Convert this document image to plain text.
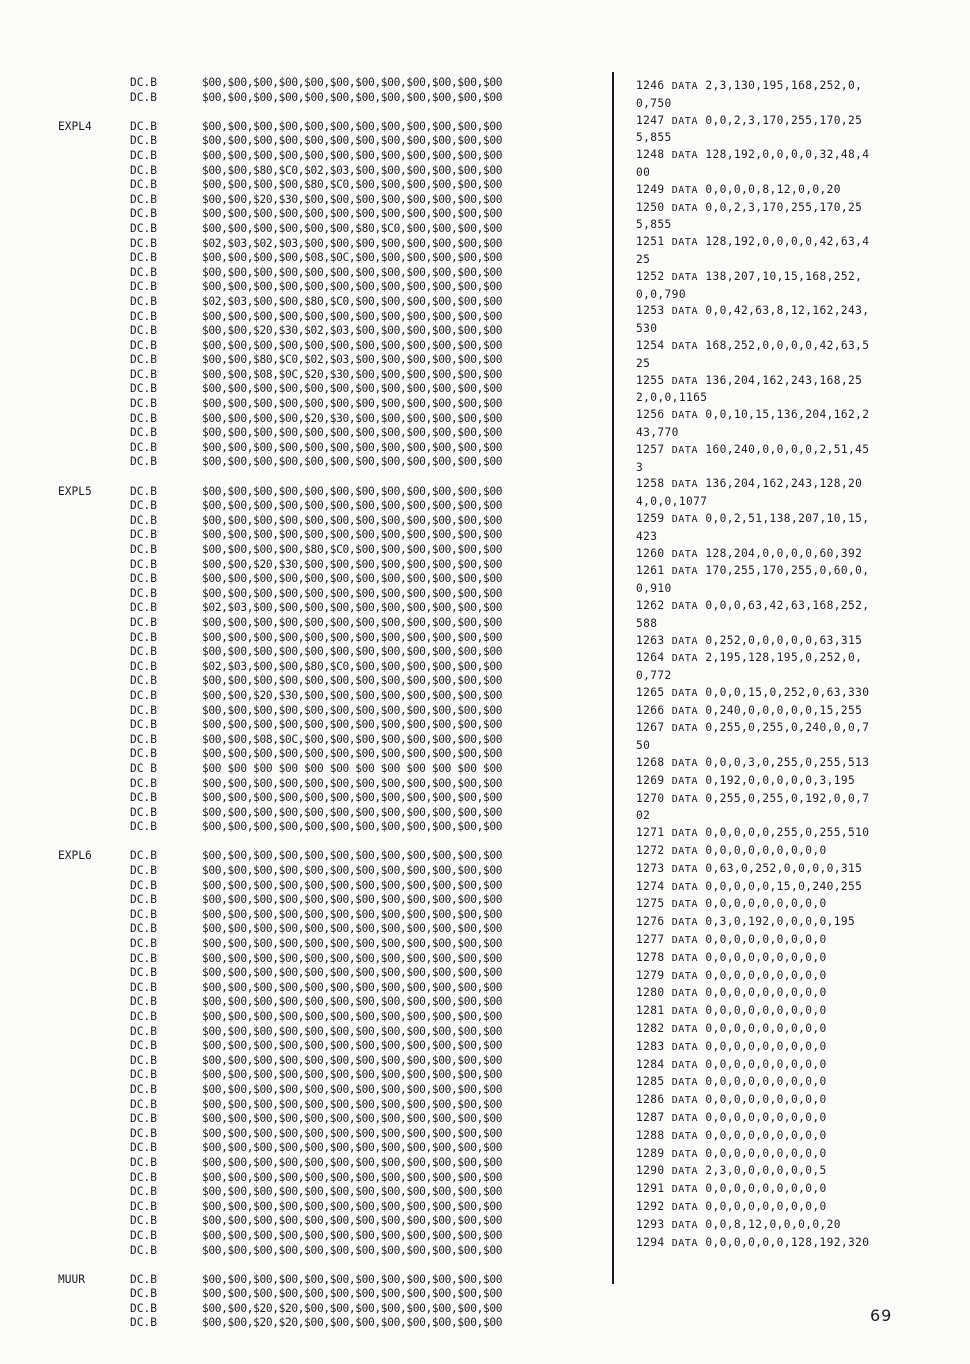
DC.B	$00,$00,$00,$00,$00,$00,$00,$00,$00,$00,$00,$00
DC.B	$00,$00,$00,$00,$00,$00,$00,$00,$00,$00,$00,$00
EXPL4	DC.B	$00,$00,$00,$00,$00,$00,$00,$00,$00,$00,$00,$00
DC.B	$00,$00,$00,$00,$00,$00,$00,$00,$00,$00,$00,$00
DC.B	$00,$00,$00,$00,$00,$00,$00,$00,$00,$00,$00,$00
DC.B	$00,$00,$80,$C0,$02,$03,$00,$00,$00,$00,$00,$00
DC.B	$00,$00,$00,$00,$80,$C0,$00,$00,$00,$00,$00,$00
DC.B	$00,$00,$20,$30,$00,$00,$00,$00,$00,$00,$00,$00
DC.B	$00,$00,$00,$00,$00,$00,$00,$00,$00,$00,$00,$00
DC.B	$00,$00,$00,$00,$00,$00,$80,$C0,$00,$00,$00,$00
DC.B	$02,$03,$02,$03,$00,$00,$00,$00,$00,$00,$00,$00
DC.B	$00,$00,$00,$00,$08,$0C,$00,$00,$00,$00,$00,$00
DC.B	$00,$00,$00,$00,$00,$00,$00,$00,$00,$00,$00,$00
DC.B	$00,$00,$00,$00,$00,$00,$00,$00,$00,$00,$00,$00
DC.B	$02,$03,$00,$00,$80,$C0,$00,$00,$00,$00,$00,$00
DC.B	$00,$00,$00,$00,$00,$00,$00,$00,$00,$00,$00,$00
DC.B	$00,$00,$20,$30,$02,$03,$00,$00,$00,$00,$00,$00
DC.B	$00,$00,$00,$00,$00,$00,$00,$00,$00,$00,$00,$00
DC.B	$00,$00,$80,$C0,$02,$03,$00,$00,$00,$00,$00,$00
DC.B	$00,$00,$08,$0C,$20,$30,$00,$00,$00,$00,$00,$00
DC.B	$00,$00,$00,$00,$00,$00,$00,$00,$00,$00,$00,$00
DC.B	$00,$00,$00,$00,$00,$00,$00,$00,$00,$00,$00,$00
DC.B	$00,$00,$00,$00,$20,$30,$00,$00,$00,$00,$00,$00
DC.B	$00,$00,$00,$00,$00,$00,$00,$00,$00,$00,$00,$00
DC.B	$00,$00,$00,$00,$00,$00,$00,$00,$00,$00,$00,$00
DC.B	$00,$00,$00,$00,$00,$00,$00,$00,$00,$00,$00,$00
EXPL5	DC.B	$00,$00,$00,$00,$00,$00,$00,$00,$00,$00,$00,$00
DC.B	$00,$00,$00,$00,$00,$00,$00,$00,$00,$00,$00,$00
DC.B	$00,$00,$00,$00,$00,$00,$00,$00,$00,$00,$00,$00
DC.B	$00,$00,$00,$00,$00,$00,$00,$00,$00,$00,$00,$00
DC.B	$00,$00,$00,$00,$80,$C0,$00,$00,$00,$00,$00,$00
DC.B	$00,$00,$20,$30,$00,$00,$00,$00,$00,$00,$00,$00
DC.B	$00,$00,$00,$00,$00,$00,$00,$00,$00,$00,$00,$00
DC.B	$00,$00,$00,$00,$00,$00,$00,$00,$00,$00,$00,$00
DC.B	$02,$03,$00,$00,$00,$00,$00,$00,$00,$00,$00,$00
DC.B	$00,$00,$00,$00,$00,$00,$00,$00,$00,$00,$00,$00
DC.B	$00,$00,$00,$00,$00,$00,$00,$00,$00,$00,$00,$00
DC.B	$00,$00,$00,$00,$00,$00,$00,$00,$00,$00,$00,$00
DC.B	$02,$03,$00,$00,$80,$C0,$00,$00,$00,$00,$00,$00
DC.B	$00,$00,$00,$00,$00,$00,$00,$00,$00,$00,$00,$00
DC.B	$00,$00,$20,$30,$00,$00,$00,$00,$00,$00,$00,$00
DC.B	$00,$00,$00,$00,$00,$00,$00,$00,$00,$00,$00,$00
DC.B	$00,$00,$00,$00,$00,$00,$00,$00,$00,$00,$00,$00
DC.B	$00,$00,$08,$0C,$00,$00,$00,$00,$00,$00,$00,$00
DC.B	$00,$00,$00,$00,$00,$00,$00,$00,$00,$00,$00,$00
DC B	$00 $00 $00 $00 $00 $00 $00 $00 $00 $00 $00 $00
DC.B	$00,$00,$00,$00,$00,$00,$00,$00,$00,$00,$00,$00
DC.B	$00,$00,$00,$00,$00,$00,$00,$00,$00,$00,$00,$00
DC.B	$00,$00,$00,$00,$00,$00,$00,$00,$00,$00,$00,$00
DC.B	$00,$00,$00,$00,$00,$00,$00,$00,$00,$00,$00,$00
EXPL6	DC.B	$00,$00,$00,$00,$00,$00,$00,$00,$00,$00,$00,$00
DC.B	$00,$00,$00,$00,$00,$00,$00,$00,$00,$00,$00,$00
DC.B	$00,$00,$00,$00,$00,$00,$00,$00,$00,$00,$00,$00
DC.B	$00,$00,$00,$00,$00,$00,$00,$00,$00,$00,$00,$00
DC.B	$00,$00,$00,$00,$00,$00,$00,$00,$00,$00,$00,$00
DC.B	$00,$00,$00,$00,$00,$00,$00,$00,$00,$00,$00,$00
DC.B	$00,$00,$00,$00,$00,$00,$00,$00,$00,$00,$00,$00
DC.B	$00,$00,$00,$00,$00,$00,$00,$00,$00,$00,$00,$00
DC.B	$00,$00,$00,$00,$00,$00,$00,$00,$00,$00,$00,$00
DC.B	$00,$00,$00,$00,$00,$00,$00,$00,$00,$00,$00,$00
DC.B	$00,$00,$00,$00,$00,$00,$00,$00,$00,$00,$00,$00
DC.B	$00,$00,$00,$00,$00,$00,$00,$00,$00,$00,$00,$00
DC.B	$00,$00,$00,$00,$00,$00,$00,$00,$00,$00,$00,$00
DC.B	$00,$00,$00,$00,$00,$00,$00,$00,$00,$00,$00,$00
DC.B	$00,$00,$00,$00,$00,$00,$00,$00,$00,$00,$00,$00
DC.B	$00,$00,$00,$00,$00,$00,$00,$00,$00,$00,$00,$00
DC.B	$00,$00,$00,$00,$00,$00,$00,$00,$00,$00,$00,$00
DC.B	$00,$00,$00,$00,$00,$00,$00,$00,$00,$00,$00,$00
DC.B	$00,$00,$00,$00,$00,$00,$00,$00,$00,$00,$00,$00
DC.B	$00,$00,$00,$00,$00,$00,$00,$00,$00,$00,$00,$00
DC.B	$00,$00,$00,$00,$00,$00,$00,$00,$00,$00,$00,$00
DC.B	$00,$00,$00,$00,$00,$00,$00,$00,$00,$00,$00,$00
DC.B	$00,$00,$00,$00,$00,$00,$00,$00,$00,$00,$00,$00
DC.B	$00,$00,$00,$00,$00,$00,$00,$00,$00,$00,$00,$00
DC.B	$00,$00,$00,$00,$00,$00,$00,$00,$00,$00,$00,$00
DC.B	$00,$00,$00,$00,$00,$00,$00,$00,$00,$00,$00,$00
DC.B	$00,$00,$00,$00,$00,$00,$00,$00,$00,$00,$00,$00
DC.B	$00,$00,$00,$00,$00,$00,$00,$00,$00,$00,$00,$00
MUUR	DC.B	$00,$00,$00,$00,$00,$00,$00,$00,$00,$00,$00,$00
DC.B	$00,$00,$00,$00,$00,$00,$00,$00,$00,$00,$00,$00
DC.B	$00,$00,$20,$20,$00,$00,$00,$00,$00,$00,$00,$00
DC.B	$00,$00,$20,$20,$00,$00,$00,$00,$00,$00,$00,$00
1246 DATA 2,3,130,195,168,252,0,0,750
1247 DATA 0,0,2,3,170,255,170,255,855
1248 DATA 128,192,0,0,0,0,32,48,400
1249 DATA 0,0,0,0,8,12,0,0,20
1250 DATA 0,0,2,3,170,255,170,255,855
1251 DATA 128,192,0,0,0,0,42,63,425
1252 DATA 138,207,10,15,168,252,0,0,790
1253 DATA 0,0,42,63,8,12,162,243,530
1254 DATA 168,252,0,0,0,0,42,63,525
1255 DATA 136,204,162,243,168,252,0,0,1165
1256 DATA 0,0,10,15,136,204,162,243,770
1257 DATA 160,240,0,0,0,0,2,51,453
1258 DATA 136,204,162,243,128,204,0,0,1077
1259 DATA 0,0,2,51,138,207,10,15,423
1260 DATA 128,204,0,0,0,0,60,392
1261 DATA 170,255,170,255,0,60,0,0,910
1262 DATA 0,0,0,63,42,63,168,252,588
1263 DATA 0,252,0,0,0,0,0,63,315
1264 DATA 2,195,128,195,0,252,0,0,772
1265 DATA 0,0,0,15,0,252,0,63,330
1266 DATA 0,240,0,0,0,0,0,15,255
1267 DATA 0,255,0,255,0,240,0,0,750
1268 DATA 0,0,0,3,0,255,0,255,513
1269 DATA 0,192,0,0,0,0,0,3,195
1270 DATA 0,255,0,255,0,192,0,0,702
1271 DATA 0,0,0,0,0,255,0,255,510
1272 DATA 0,0,0,0,0,0,0,0,0
1273 DATA 0,63,0,252,0,0,0,0,315
1274 DATA 0,0,0,0,0,15,0,240,255
1275 DATA 0,0,0,0,0,0,0,0,0
1276 DATA 0,3,0,192,0,0,0,0,195
1277 DATA 0,0,0,0,0,0,0,0,0
1278 DATA 0,0,0,0,0,0,0,0,0
1279 DATA 0,0,0,0,0,0,0,0,0
1280 DATA 0,0,0,0,0,0,0,0,0
1281 DATA 0,0,0,0,0,0,0,0,0
1282 DATA 0,0,0,0,0,0,0,0,0
1283 DATA 0,0,0,0,0,0,0,0,0
1284 DATA 0,0,0,0,0,0,0,0,0
1285 DATA 0,0,0,0,0,0,0,0,0
1286 DATA 0,0,0,0,0,0,0,0,0
1287 DATA 0,0,0,0,0,0,0,0,0
1288 DATA 0,0,0,0,0,0,0,0,0
1289 DATA 0,0,0,0,0,0,0,0,0
1290 DATA 2,3,0,0,0,0,0,0,5
1291 DATA 0,0,0,0,0,0,0,0,0
1292 DATA 0,0,0,0,0,0,0,0,0
1293 DATA 0,0,8,12,0,0,0,0,20
1294 DATA 0,0,0,0,0,0,128,192,320
69
